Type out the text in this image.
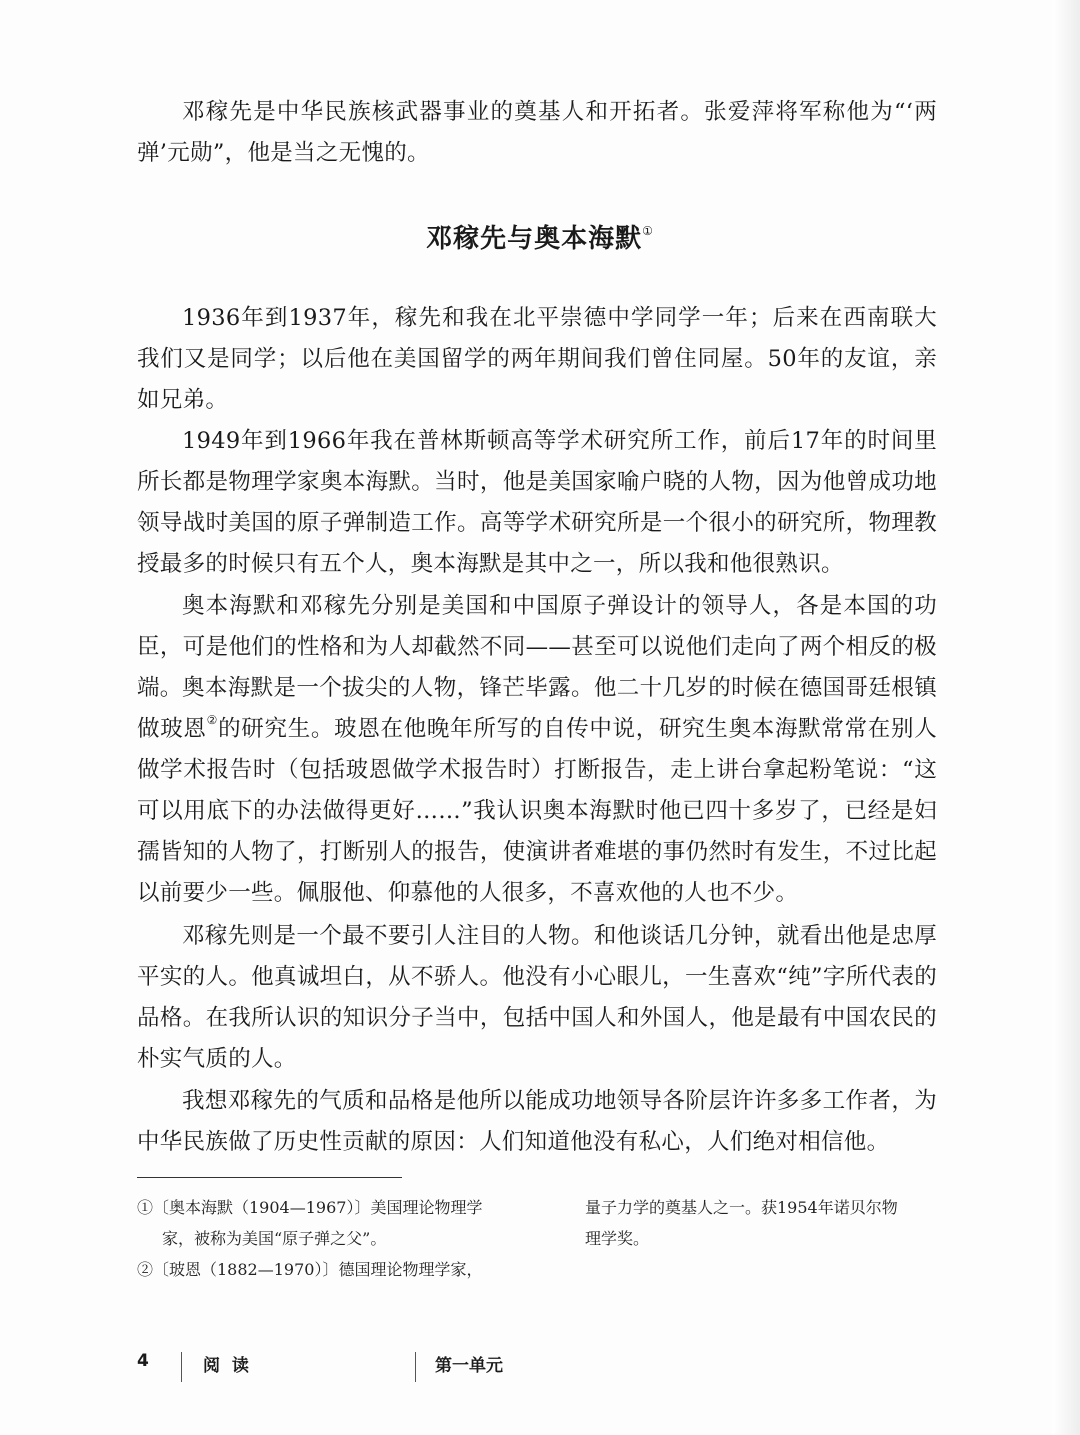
邓稼先是中华民族核武器事业的奠基人和开拓者。张爱萍将军称他为“‘两弹’元勋”，他是当之无愧的。

邓稼先与奥本海默①

1936年到1937年，稼先和我在北平崇德中学同学一年；后来在西南联大我们又是同学；以后他在美国留学的两年期间我们曾住同屋。50年的友谊，亲如兄弟。

1949年到1966年我在普林斯顿高等学术研究所工作，前后17年的时间里所长都是物理学家奥本海默。当时，他是美国家喻户晓的人物，因为他曾成功地领导战时美国的原子弹制造工作。高等学术研究所是一个很小的研究所，物理教授最多的时候只有五个人，奥本海默是其中之一，所以我和他很熟识。

奥本海默和邓稼先分别是美国和中国原子弹设计的领导人，各是本国的功臣，可是他们的性格和为人却截然不同——甚至可以说他们走向了两个相反的极端。 奥本海默是一个拔尖的人物，锋芒毕露。他二十几岁的时候在德国哥廷根镇做玻恩②的研究生。玻恩在他晚年所写的自传中说，研究生奥本海默常常在别人做学术报告时（包括玻恩做学术报告时）打断报告，走上讲台拿起粉笔说：“这可以用底下的办法做得更好……”我认识奥本海默时他已四十多岁了，已经是妇孺皆知的人物了，打断别人的报告，使演讲者难堪的事仍然时有发生，不过比起以前要少一些。佩服他、仰慕他的人很多，不喜欢他的人也不少。

邓稼先则是一个最不要引人注目的人物。和他谈话几分钟，就看出他是忠厚平实的人。他真诚坦白，从不骄人。他没有小心眼儿，一生喜欢“纯”字所代表的品格。在我所认识的知识分子当中，包括中国人和外国人，他是最有中国农民的朴实气质的人。

我想邓稼先的气质和品格是他所以能成功地领导各阶层许许多多工作者，为中华民族做了历史性贡献的原因：人们知道他没有私心，人们绝对相信他。

①〔奥本海默（1904—1967）〕美国理论物理学

家，被称为美国“原子弹之父”。

②〔玻恩（1882—1970）〕德国理论物理学家，

量子力学的奠基人之一。获1954年诺贝尔物

理学奖。

4	阅 读	第一单元
